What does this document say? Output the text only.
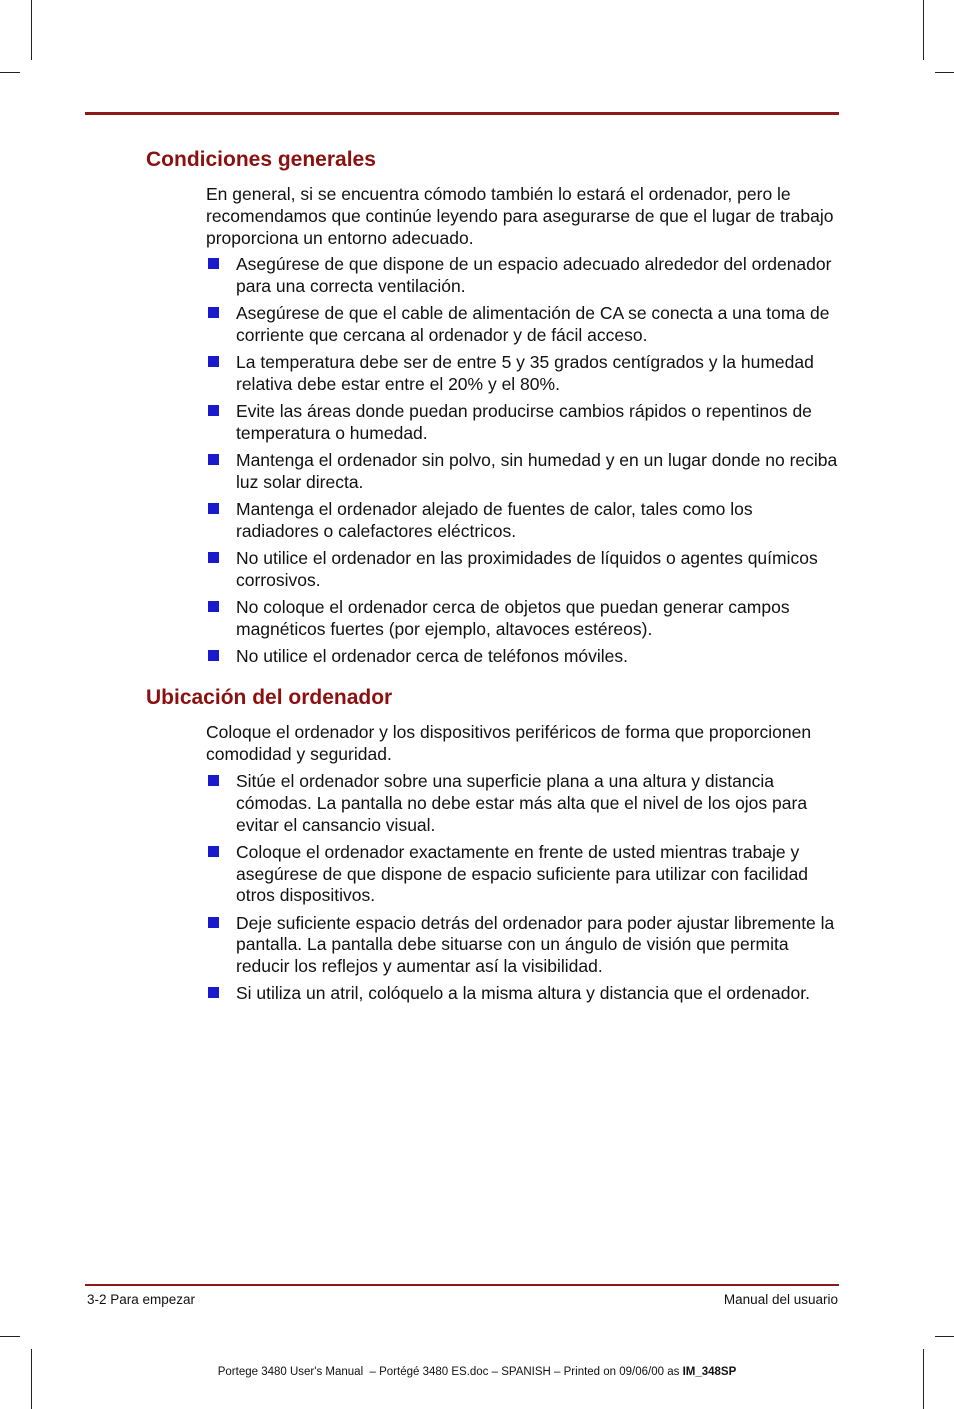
Condiciones generales

En general, si se encuentra cómodo también lo estará el ordenador, pero le recomendamos que continúe leyendo para asegurarse de que el lugar de trabajo proporciona un entorno adecuado.

Asegúrese de que dispone de un espacio adecuado alrededor del ordenador para una correcta ventilación.
Asegúrese de que el cable de alimentación de CA se conecta a una toma de corriente que cercana al ordenador y de fácil acceso.
La temperatura debe ser de entre 5 y 35 grados centígrados y la humedad relativa debe estar entre el 20% y el 80%.
Evite las áreas donde puedan producirse cambios rápidos o repentinos de temperatura o humedad.
Mantenga el ordenador sin polvo, sin humedad y en un lugar donde no reciba luz solar directa.
Mantenga el ordenador alejado de fuentes de calor, tales como los radiadores o calefactores eléctricos.
No utilice el ordenador en las proximidades de líquidos o agentes químicos corrosivos.
No coloque el ordenador cerca de objetos que puedan generar campos magnéticos fuertes (por ejemplo, altavoces estéreos).
No utilice el ordenador cerca de teléfonos móviles.
Ubicación del ordenador

Coloque el ordenador y los dispositivos periféricos de forma que proporcionen comodidad y seguridad.

Sitúe el ordenador sobre una superficie plana a una altura y distancia cómodas. La pantalla no debe estar más alta que el nivel de los ojos para evitar el cansancio visual.
Coloque el ordenador exactamente en frente de usted mientras trabaje y asegúrese de que dispone de espacio suficiente para utilizar con facilidad otros dispositivos.
Deje suficiente espacio detrás del ordenador para poder ajustar libremente la pantalla. La pantalla debe situarse con un ángulo de visión que permita reducir los reflejos y aumentar así la visibilidad.
Si utiliza un atril, colóquelo a la misma altura y distancia que el ordenador.
3-2 Para empezar	Manual del usuario
Portege 3480 User's Manual  – Portégé 3480 ES.doc – SPANISH – Printed on 09/06/00 as IM_348SP
